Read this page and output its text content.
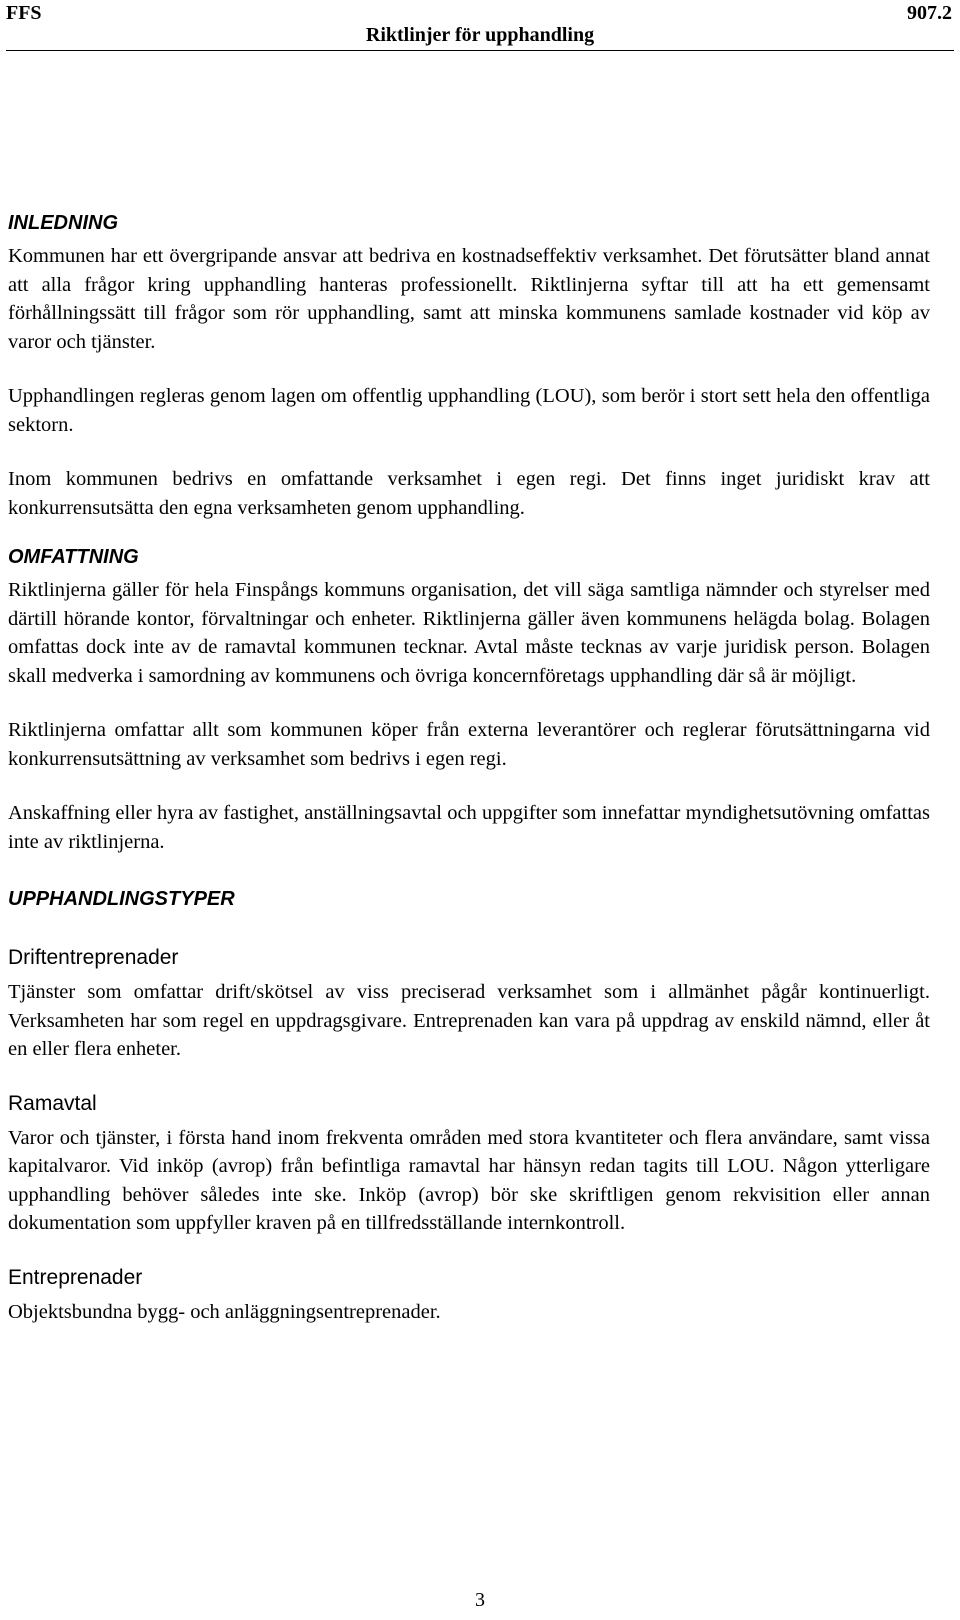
FFS	907.2
Riktlinjer för upphandling
INLEDNING

Kommunen har ett övergripande ansvar att bedriva en kostnadseffektiv verksamhet. Det förutsätter bland annat att alla frågor kring upphandling hanteras professionellt. Riktlinjerna syftar till att ha ett gemensamt förhållningssätt till frågor som rör upphandling, samt att minska kommunens samlade kostnader vid köp av varor och tjänster.

Upphandlingen regleras genom lagen om offentlig upphandling (LOU), som berör i stort sett hela den offentliga sektorn.

Inom kommunen bedrivs en omfattande verksamhet i egen regi. Det finns inget juridiskt krav att konkurrensutsätta den egna verksamheten genom upphandling.

OMFATTNING

Riktlinjerna gäller för hela Finspångs kommuns organisation, det vill säga samtliga nämnder och styrelser med därtill hörande kontor, förvaltningar och enheter. Riktlinjerna gäller även kommunens helägda bolag. Bolagen omfattas dock inte av de ramavtal kommunen tecknar. Avtal måste tecknas av varje juridisk person. Bolagen skall medverka i samordning av kommunens och övriga koncernföretags upphandling där så är möjligt.

Riktlinjerna omfattar allt som kommunen köper från externa leverantörer och reglerar förutsättningarna vid konkurrensutsättning av verksamhet som bedrivs i egen regi.

Anskaffning eller hyra av fastighet, anställningsavtal och uppgifter som innefattar myndighetsutövning omfattas inte av riktlinjerna.

UPPHANDLINGSTYPER
Driftentreprenader

Tjänster som omfattar drift/skötsel av viss preciserad verksamhet som i allmänhet pågår kontinuerligt. Verksamheten har som regel en uppdragsgivare. Entreprenaden kan vara på uppdrag av enskild nämnd, eller åt en eller flera enheter.

Ramavtal

Varor och tjänster, i första hand inom frekventa områden med stora kvantiteter och flera användare, samt vissa kapitalvaror. Vid inköp (avrop) från befintliga ramavtal har hänsyn redan tagits till LOU. Någon ytterligare upphandling behöver således inte ske. Inköp (avrop) bör ske skriftligen genom rekvisition eller annan dokumentation som uppfyller kraven på en tillfredsställande internkontroll.

Entreprenader

Objektsbundna bygg- och anläggningsentreprenader.

3
